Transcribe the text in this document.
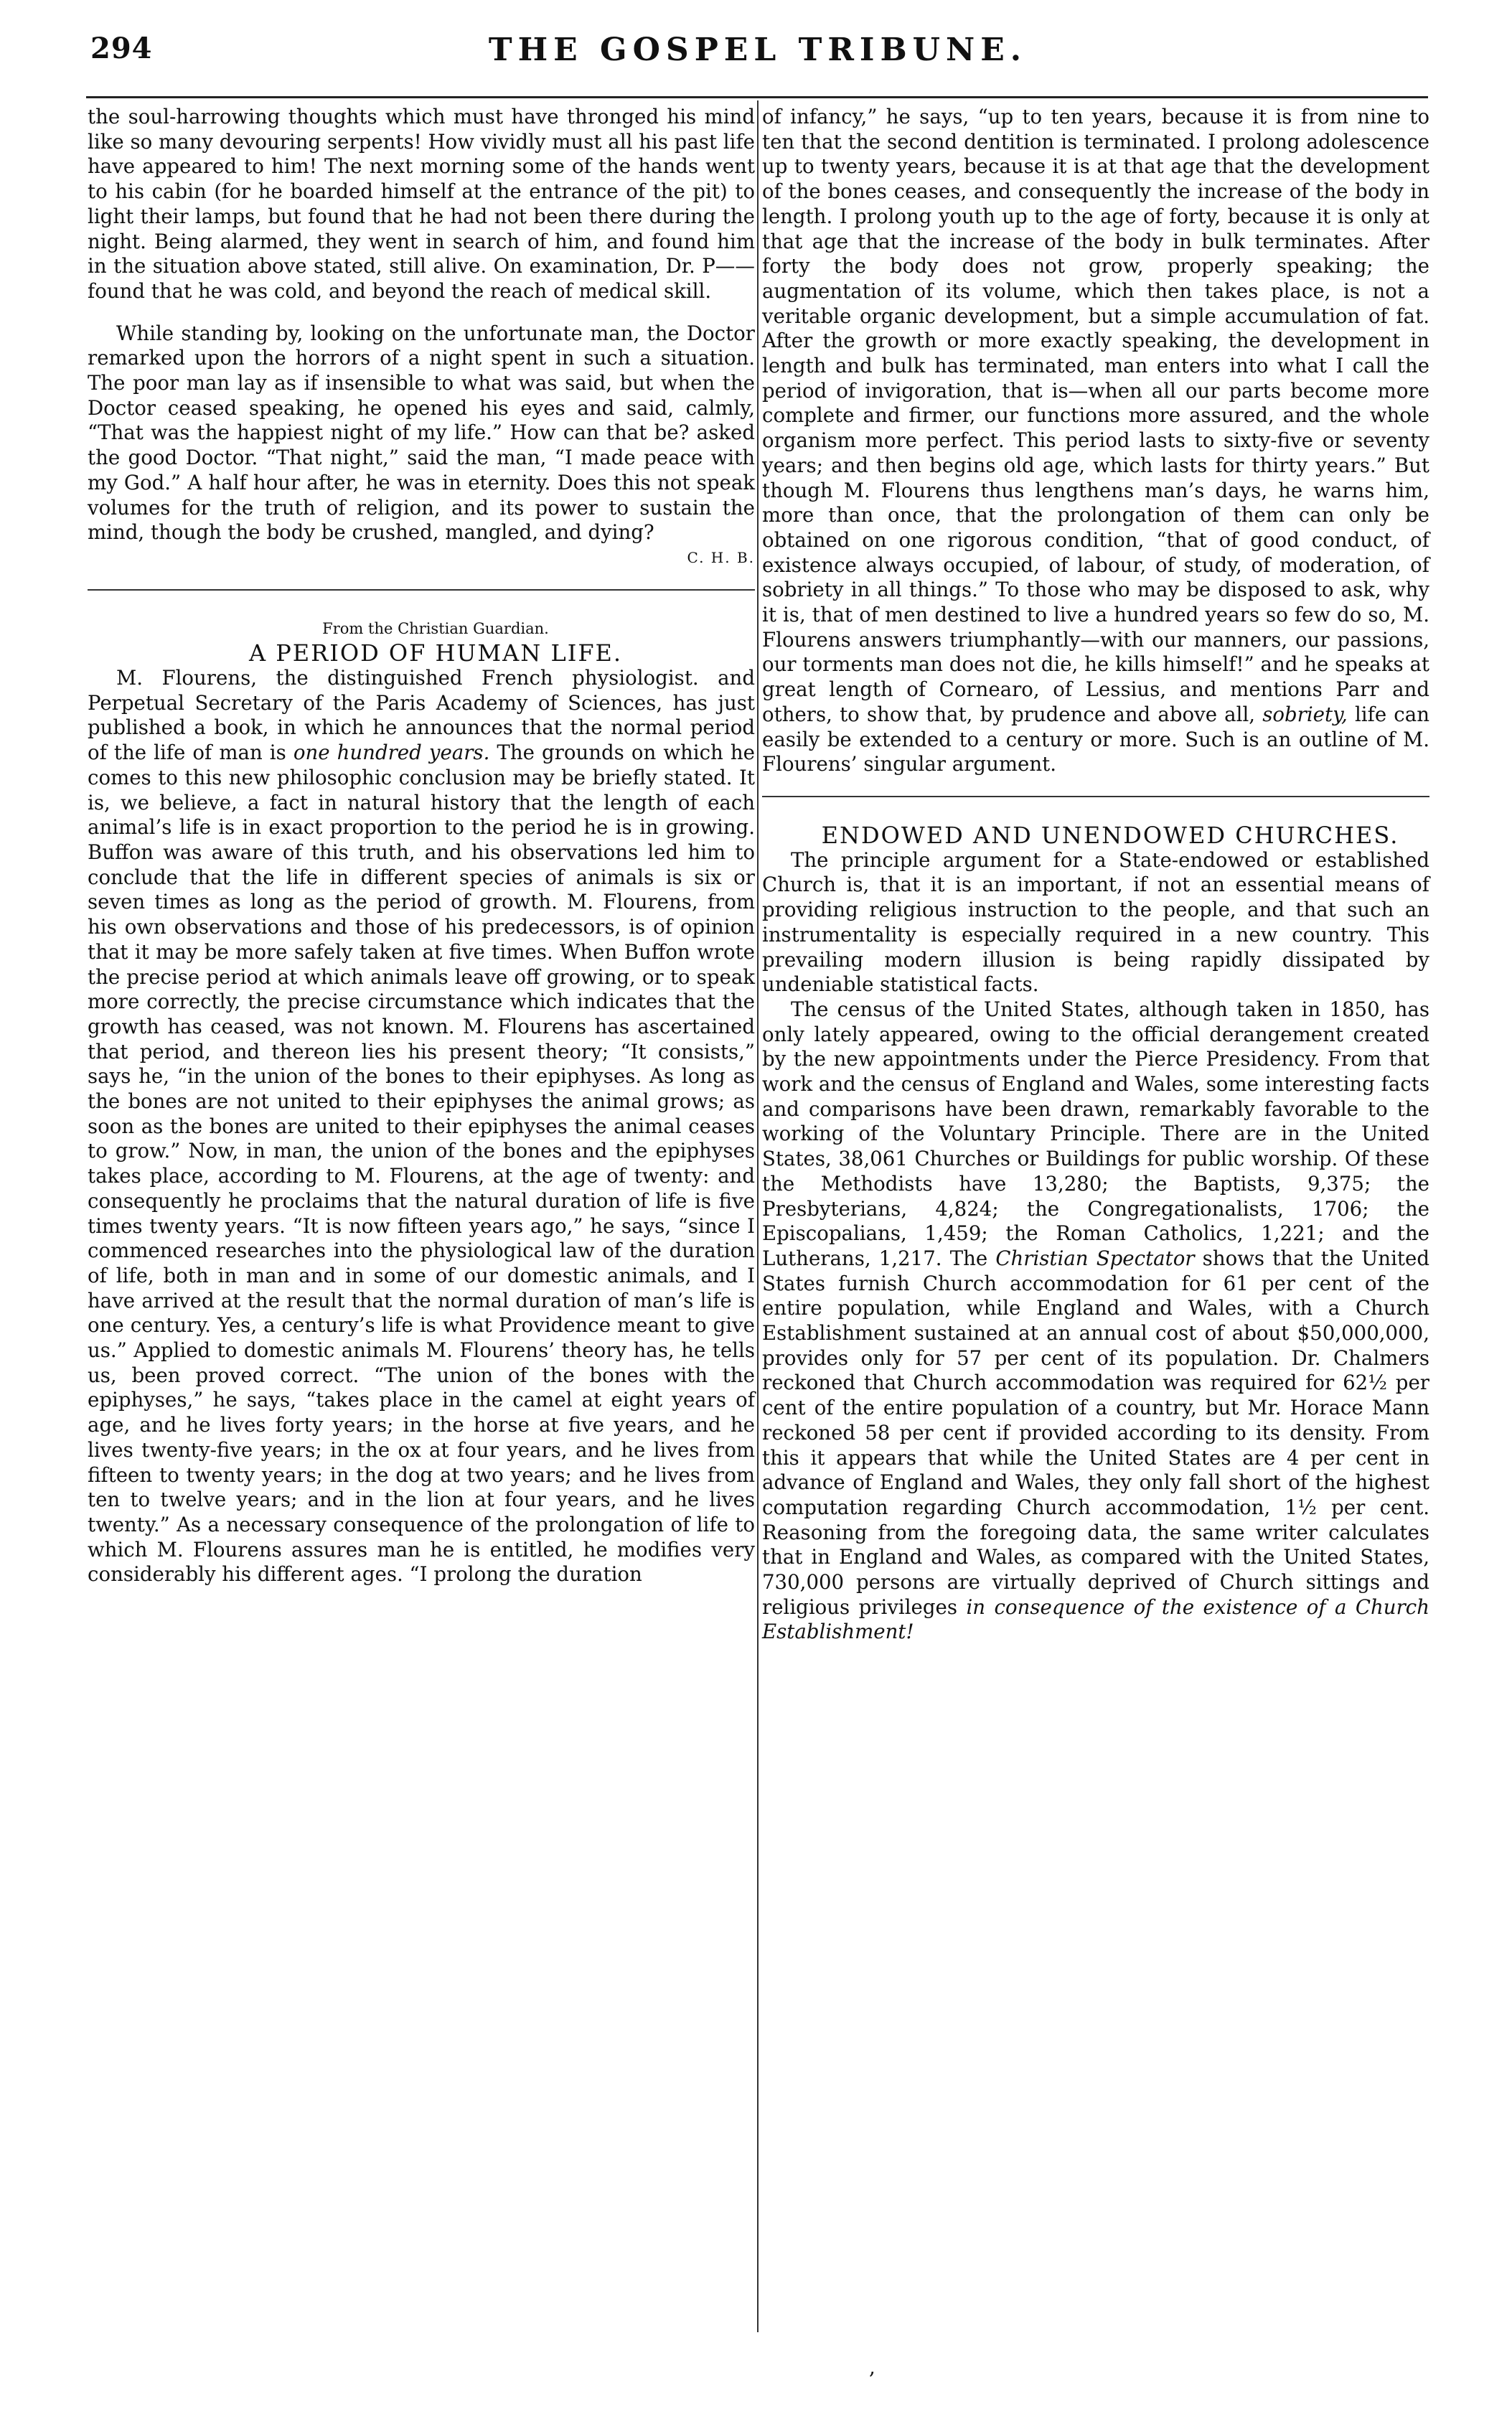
294	THE GOSPEL TRIBUNE.

the soul-harrowing thoughts which must have thronged his mind like so many devouring serpents! How vividly must all his past life have appeared to him! The next morning some of the hands went to his cabin (for he boarded himself at the entrance of the pit) to light their lamps, but found that he had not been there during the night. Being alarmed, they went in search of him, and found him in the situation above stated, still alive. On examination, Dr. P—— found that he was cold, and beyond the reach of medical skill.

While standing by, looking on the unfortunate man, the Doctor remarked upon the horrors of a night spent in such a situation. The poor man lay as if insensible to what was said, but when the Doctor ceased speaking, he opened his eyes and said, calmly, “That was the happiest night of my life.” How can that be? asked the good Doctor. “That night,” said the man, “I made peace with my God.” A half hour after, he was in eternity. Does this not speak volumes for the truth of religion, and its power to sustain the mind, though the body be crushed, mangled, and dying?

C. H. B.

From the Christian Guardian.

A PERIOD OF HUMAN LIFE.

M. Flourens, the distinguished French physiologist. and Perpetual Secretary of the Paris Academy of Sciences, has just published a book, in which he announces that the normal period of the life of man is one hundred years. The grounds on which he comes to this new philosophic conclusion may be briefly stated. It is, we believe, a fact in natural history that the length of each animal’s life is in exact proportion to the period he is in growing. Buffon was aware of this truth, and his observations led him to conclude that the life in different species of animals is six or seven times as long as the period of growth. M. Flourens, from his own observations and those of his predecessors, is of opinion that it may be more safely taken at five times. When Buffon wrote the precise period at which animals leave off growing, or to speak more correctly, the precise circumstance which indicates that the growth has ceased, was not known. M. Flourens has ascertained that period, and thereon lies his present theory; “It consists,” says he, “in the union of the bones to their epiphyses. As long as the bones are not united to their epiphyses the animal grows; as soon as the bones are united to their epiphyses the animal ceases to grow.” Now, in man, the union of the bones and the epiphyses takes place, according to M. Flourens, at the age of twenty: and consequently he proclaims that the natural duration of life is five times twenty years. “It is now fifteen years ago,” he says, “since I commenced researches into the physiological law of the duration of life, both in man and in some of our domestic animals, and I have arrived at the result that the normal duration of man’s life is one century. Yes, a century’s life is what Providence meant to give us.” Applied to domestic animals M. Flourens’ theory has, he tells us, been proved correct. “The union of the bones with the epiphyses,” he says, “takes place in the camel at eight years of age, and he lives forty years; in the horse at five years, and he lives twenty-five years; in the ox at four years, and he lives from fifteen to twenty years; in the dog at two years; and he lives from ten to twelve years; and in the lion at four years, and he lives twenty.” As a necessary consequence of the prolongation of life to which M. Flourens assures man he is entitled, he modifies very considerably his different ages. “I prolong the duration

of infancy,” he says, “up to ten years, because it is from nine to ten that the second dentition is terminated. I prolong adolescence up to twenty years, because it is at that age that the development of the bones ceases, and consequently the increase of the body in length. I prolong youth up to the age of forty, because it is only at that age that the increase of the body in bulk terminates. After forty the body does not grow, properly speaking; the augmentation of its volume, which then takes place, is not a veritable organic development, but a simple accumulation of fat. After the growth or more exactly speaking, the development in length and bulk has terminated, man enters into what I call the period of invigoration, that is—when all our parts become more complete and firmer, our functions more assured, and the whole organism more perfect. This period lasts to sixty-five or seventy years; and then begins old age, which lasts for thirty years.” But though M. Flourens thus lengthens man’s days, he warns him, more than once, that the prolongation of them can only be obtained on one rigorous condition, “that of good conduct, of existence always occupied, of labour, of study, of moderation, of sobriety in all things.” To those who may be disposed to ask, why it is, that of men destined to live a hundred years so few do so, M. Flourens answers triumphantly—with our manners, our passions, our torments man does not die, he kills himself!” and he speaks at great length of Cornearo, of Lessius, and mentions Parr and others, to show that, by prudence and above all, sobriety, life can easily be extended to a century or more. Such is an outline of M. Flourens’ singular argument.

ENDOWED AND UNENDOWED CHURCHES.

The principle argument for a State-endowed or established Church is, that it is an important, if not an essential means of providing religious instruction to the people, and that such an instrumentality is especially required in a new country. This prevailing modern illusion is being rapidly dissipated by undeniable statistical facts.

The census of the United States, although taken in 1850, has only lately appeared, owing to the official derangement created by the new appointments under the Pierce Presidency. From that work and the census of England and Wales, some interesting facts and comparisons have been drawn, remarkably favorable to the working of the Voluntary Principle. There are in the United States, 38,061 Churches or Buildings for public worship. Of these the Methodists have 13,280; the Baptists, 9,375; the Presbyterians, 4,824; the Congregationalists, 1706; the Episcopalians, 1,459; the Roman Catholics, 1,221; and the Lutherans, 1,217. The Christian Spectator shows that the United States furnish Church accommodation for 61 per cent of the entire population, while England and Wales, with a Church Establishment sustained at an annual cost of about $50,000,000, provides only for 57 per cent of its population. Dr. Chalmers reckoned that Church accommodation was required for 62½ per cent of the entire population of a country, but Mr. Horace Mann reckoned 58 per cent if provided according to its density. From this it appears that while the United States are 4 per cent in advance of England and Wales, they only fall short of the highest computation regarding Church accommodation, 1½ per cent. Reasoning from the foregoing data, the same writer calculates that in England and Wales, as compared with the United States, 730,000 persons are virtually deprived of Church sittings and religious privileges in consequence of the existence of a Church Establishment!

,
